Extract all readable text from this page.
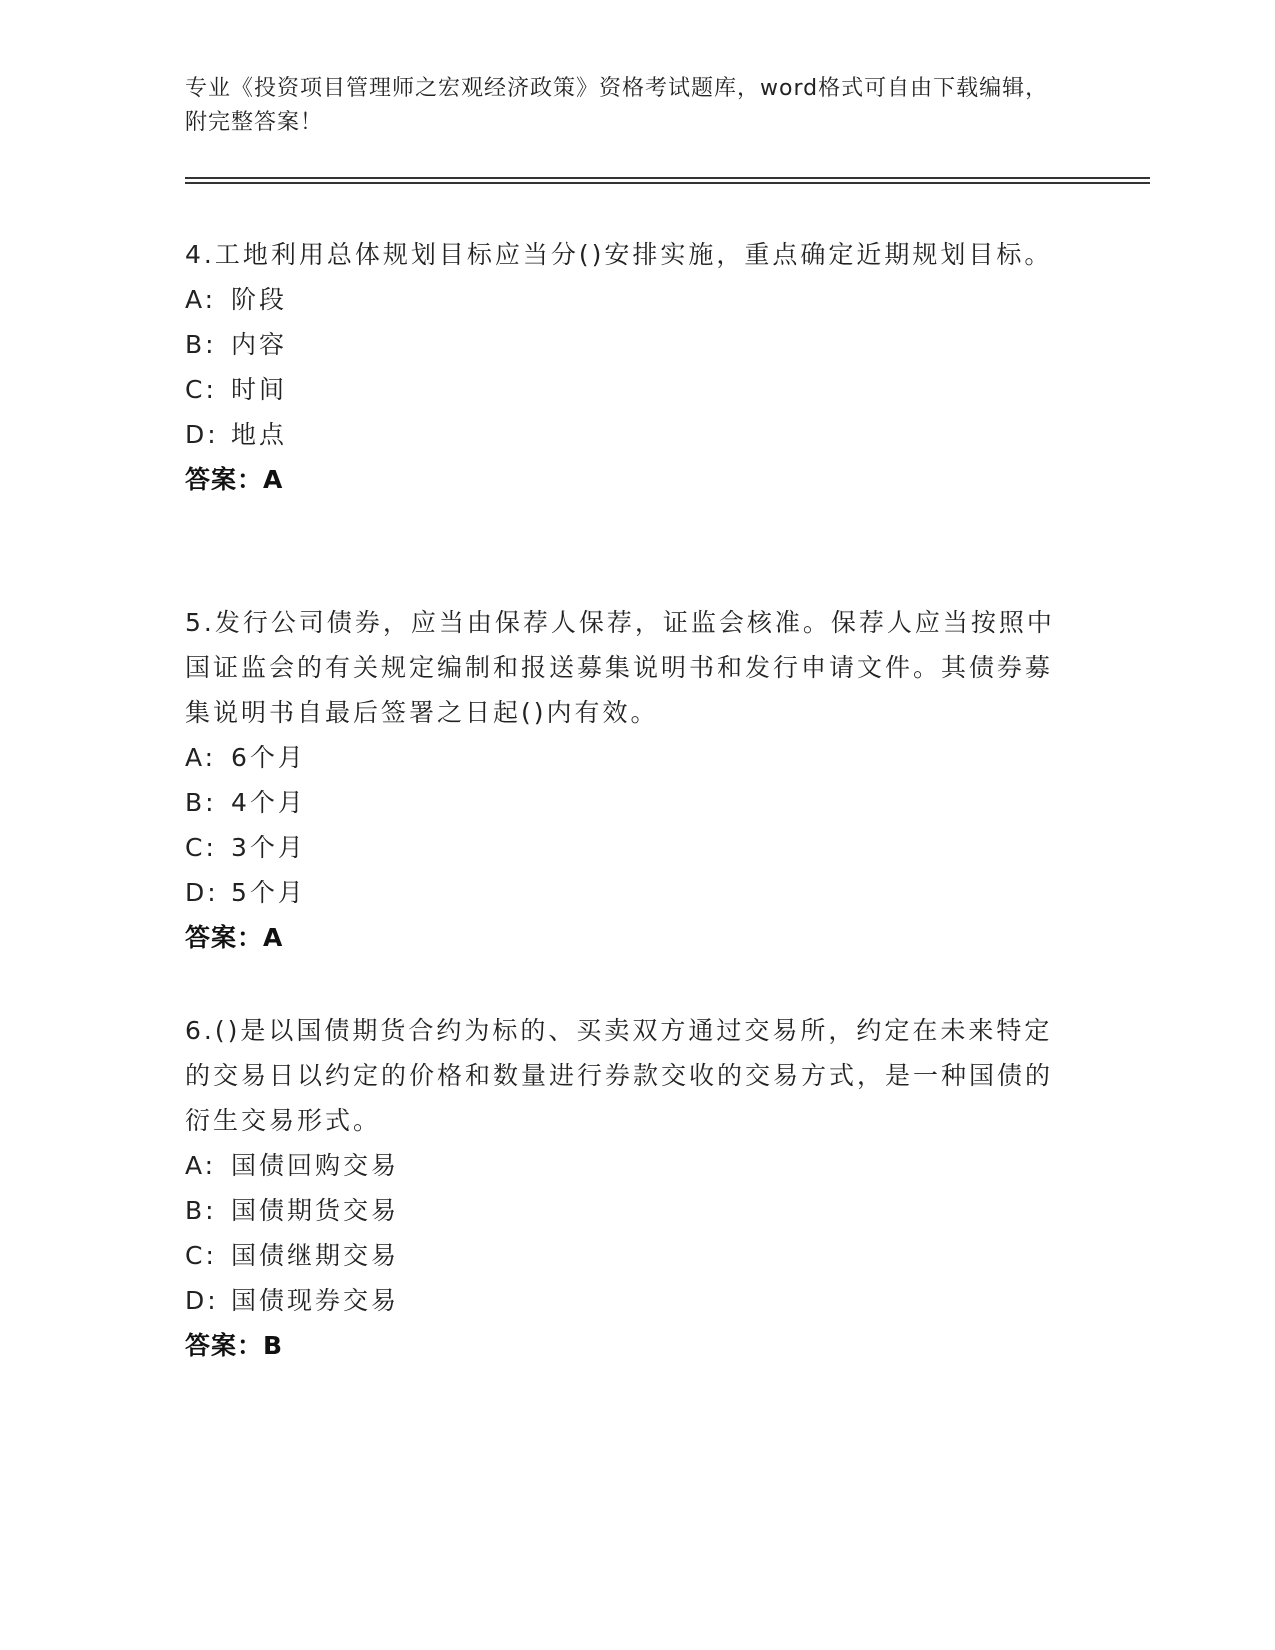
专业《投资项目管理师之宏观经济政策》资格考试题库，word格式可自由下载编辑，附完整答案！
4.工地利用总体规划目标应当分()安排实施，重点确定近期规划目标。
A: 阶段
B: 内容
C: 时间
D: 地点
答案：A
5.发行公司债券，应当由保荐人保荐，证监会核准。保荐人应当按照中国证监会的有关规定编制和报送募集说明书和发行申请文件。其债券募集说明书自最后签署之日起()内有效。
A: 6个月
B: 4个月
C: 3个月
D: 5个月
答案：A
6.()是以国债期货合约为标的、买卖双方通过交易所，约定在未来特定的交易日以约定的价格和数量进行券款交收的交易方式，是一种国债的衍生交易形式。
A: 国债回购交易
B: 国债期货交易
C: 国债继期交易
D: 国债现券交易
答案：B
